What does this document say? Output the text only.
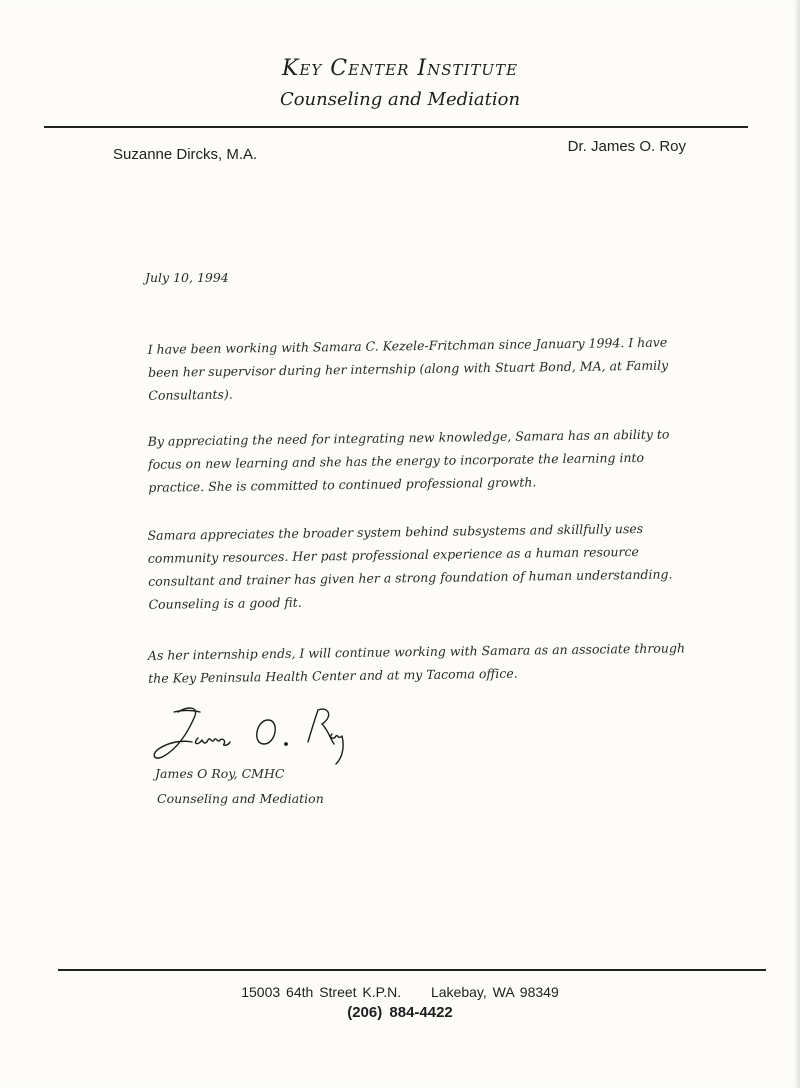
Key Center Institute
Counseling and Mediation
Suzanne Dircks, M.A.	Dr. James O. Roy
July 10, 1994

I have been working with Samara C. Kezele-Fritchman since January 1994. I have been her supervisor during her internship (along with Stuart Bond, MA, at Family Consultants).

By appreciating the need for integrating new knowledge, Samara has an ability to focus on new learning and she has the energy to incorporate the learning into practice. She is committed to continued professional growth.

Samara appreciates the broader system behind subsystems and skillfully uses community resources. Her past professional experience as a human resource consultant and trainer has given her a strong foundation of human understanding. Counseling is a good fit.

As her internship ends, I will continue working with Samara as an associate through the Key Peninsula Health Center and at my Tacoma office.

James O Roy, CMHC
Counseling and Mediation
15003 64th Street K.P.N. Lakebay, WA 98349
(206) 884-4422
